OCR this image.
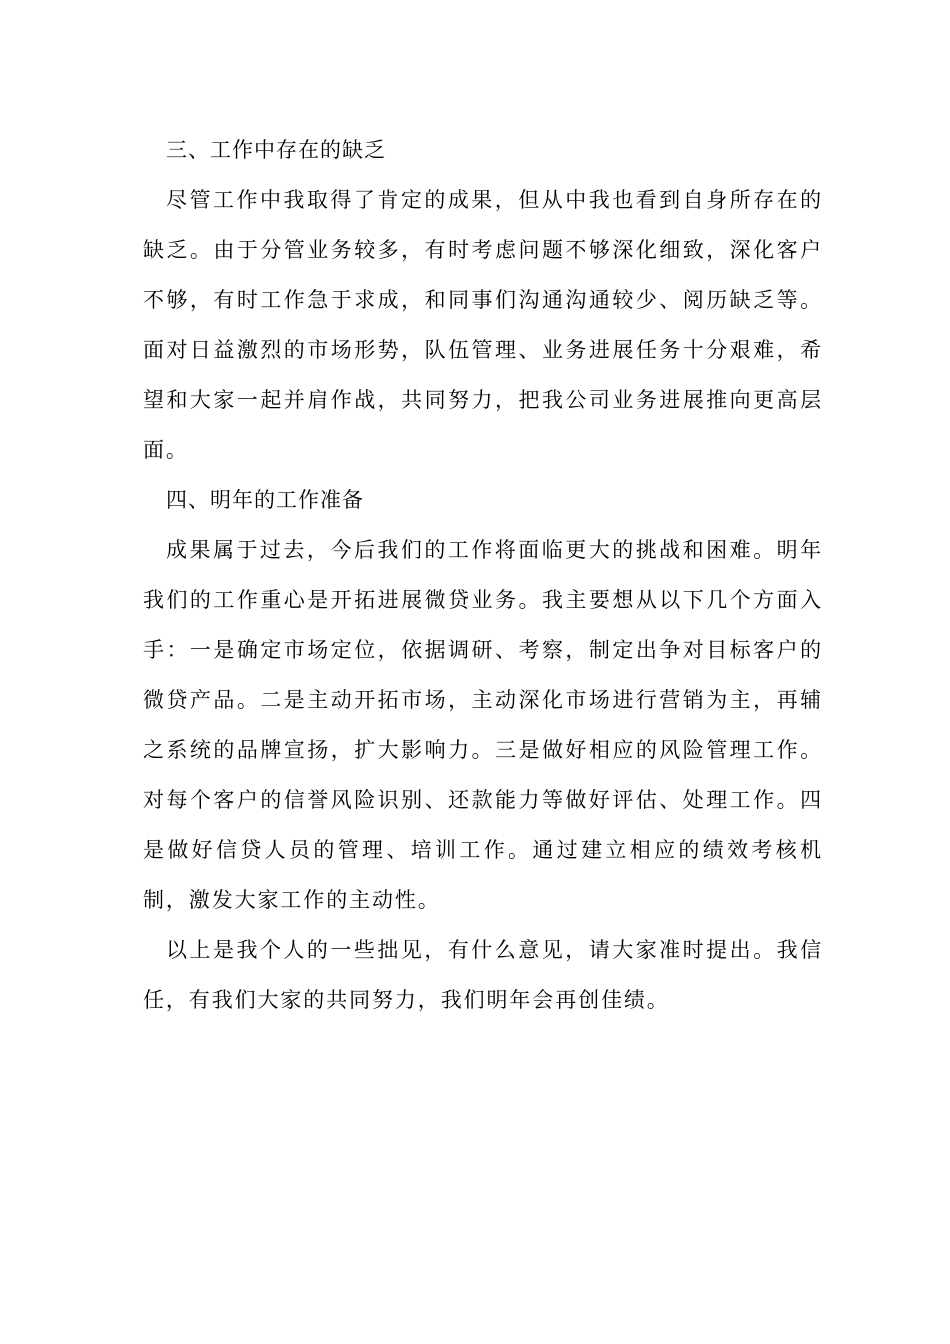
三、工作中存在的缺乏

尽管工作中我取得了肯定的成果，但从中我也看到自身所存在的缺乏。由于分管业务较多，有时考虑问题不够深化细致，深化客户不够，有时工作急于求成，和同事们沟通沟通较少、阅历缺乏等。面对日益激烈的市场形势，队伍管理、业务进展任务十分艰难，希望和大家一起并肩作战，共同努力，把我公司业务进展推向更高层面。

四、明年的工作准备

成果属于过去，今后我们的工作将面临更大的挑战和困难。明年我们的工作重心是开拓进展微贷业务。我主要想从以下几个方面入手：一是确定市场定位，依据调研、考察，制定出争对目标客户的微贷产品。二是主动开拓市场，主动深化市场进行营销为主，再辅之系统的品牌宣扬，扩大影响力。三是做好相应的风险管理工作。对每个客户的信誉风险识别、还款能力等做好评估、处理工作。四是做好信贷人员的管理、培训工作。通过建立相应的绩效考核机制，激发大家工作的主动性。

以上是我个人的一些拙见，有什么意见，请大家准时提出。我信任，有我们大家的共同努力，我们明年会再创佳绩。
